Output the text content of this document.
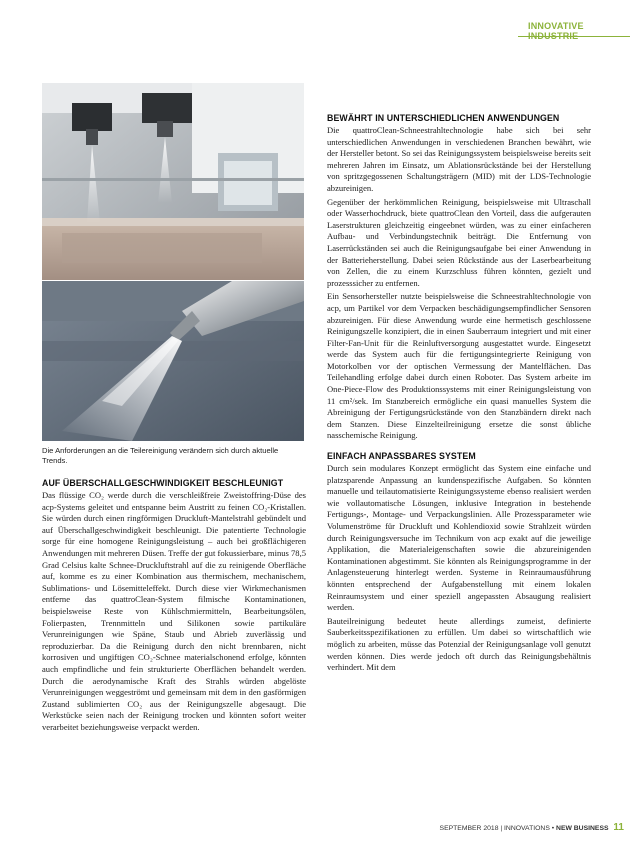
INNOVATIVE INDUSTRIE
Die Anforderungen an die Teilereinigung verändern sich durch aktuelle Trends.
AUF ÜBERSCHALLGESCHWINDIGKEIT BESCHLEUNIGT
Das flüssige CO₂ werde durch die verschleißfreie Zweistoffring-Düse des acp-Systems geleitet und entspanne beim Austritt zu feinen CO₂-Kristallen. Sie würden durch einen ringförmigen Druckluft-Mantelstrahl gebündelt und auf Überschallgeschwindigkeit beschleunigt. Die patentierte Technologie sorge für eine homogene Reinigungsleistung – auch bei großflächigeren Anwendungen mit mehreren Düsen. Treffe der gut fokussierbare, minus 78,5 Grad Celsius kalte Schnee-Druckluftstrahl auf die zu reinigende Oberfläche auf, komme es zu einer Kombination aus thermischem, mechanischem, Sublimations- und Lösemitteleffekt. Durch diese vier Wirkmechanismen entferne das quattroClean-System filmische Kontaminationen, beispielsweise Reste von Kühlschmiermitteln, Bearbeitungsölen, Folierpasten, Trennmitteln und Silikonen sowie partikuläre Verunreinigungen wie Späne, Staub und Abrieb zuverlässig und reproduzierbar. Da die Reinigung durch den nicht brennbaren, nicht korrosiven und ungiftigen CO₂-Schnee materialschonend erfolge, könnten auch empfindliche und fein strukturierte Oberflächen behandelt werden. Durch die aerodynamische Kraft des Strahls würden abgelöste Verunreinigungen weggeströmt und gemeinsam mit dem in den gasförmigen Zustand sublimierten CO₂ aus der Reinigungszelle abgesaugt. Die Werkstücke seien nach der Reinigung trocken und könnten sofort weiter verarbeitet beziehungsweise verpackt werden.
BEWÄHRT IN UNTERSCHIEDLICHEN ANWENDUNGEN
Die quattroClean-Schneestrahltechnologie habe sich bei sehr unterschiedlichen Anwendungen in verschiedenen Branchen bewährt, wie der Hersteller betont. So sei das Reinigungssystem beispielsweise bereits seit mehreren Jahren im Einsatz, um Ablationsrückstände bei der Herstellung von spritzgegossenen Schaltungsträgern (MID) mit der LDS-Technologie abzureinigen.
Gegenüber der herkömmlichen Reinigung, beispielsweise mit Ultraschall oder Wasserhochdruck, biete quattroClean den Vorteil, dass die aufgerauten Laserstrukturen gleichzeitig eingeebnet würden, was zu einer einfacheren Aufbau- und Verbindungstechnik beiträgt. Die Entfernung von Laserrückständen sei auch die Reinigungsaufgabe bei einer Anwendung in der Batterieherstellung. Dabei seien Rückstände aus der Laserbearbeitung von Zellen, die zu einem Kurzschluss führen könnten, gezielt und prozesssicher zu entfernen.
Ein Sensorhersteller nutzte beispielsweise die Schneestrahltechnologie von acp, um Partikel vor dem Verpacken beschädigungsempfindlicher Sensoren abzureinigen. Für diese Anwendung wurde eine hermetisch geschlossene Reinigungszelle konzipiert, die in einen Sauberraum integriert und mit einer Filter-Fan-Unit für die Reinluftversorgung ausgestattet wurde. Eingesetzt werde das System auch für die fertigungsintegrierte Reinigung von Motorkolben vor der optischen Vermessung der Mantelflächen. Das Teilehandling erfolge dabei durch einen Roboter. Das System arbeite im One-Piece-Flow des Produktionssystems mit einer Reinigungsleistung von 11 cm²/sek. Im Stanzbereich ermögliche ein quasi manuelles System die Abreinigung der Fertigungsrückstände von den Stanzbändern direkt nach dem Stanzen. Diese Einzelteilreinigung ersetze die sonst übliche nasschemische Reinigung.
EINFACH ANPASSBARES SYSTEM
Durch sein modulares Konzept ermöglicht das System eine einfache und platzsparende Anpassung an kundenspezifische Aufgaben. So könnten manuelle und teilautomatisierte Reinigungssysteme ebenso realisiert werden wie vollautomatische Lösungen, inklusive Integration in bestehende Fertigungs-, Montage- und Verpackungslinien. Alle Prozessparameter wie Volumenströme für Druckluft und Kohlendioxid sowie Strahlzeit würden durch Reinigungsversuche im Technikum von acp exakt auf die jeweilige Applikation, die Materialeigenschaften sowie die abzureinigenden Kontaminationen abgestimmt. Sie könnten als Reinigungsprogramme in der Anlagensteuerung hinterlegt werden. Systeme in Reinraumausführung könnten entsprechend der Aufgabenstellung mit einem lokalen Reinraumsystem und einer speziell angepassten Absaugung realisiert werden.
Bauteilreinigung bedeutet heute allerdings zumeist, definierte Sauberkeitsspezifikationen zu erfüllen. Um dabei so wirtschaftlich wie möglich zu arbeiten, müsse das Potenzial der Reinigungsanlage voll genutzt werden können. Dies werde jedoch oft durch das Reinigungsbehältnis verhindert. Mit dem
SEPTEMBER 2018 | INNOVATIONS • NEW BUSINESS 11
